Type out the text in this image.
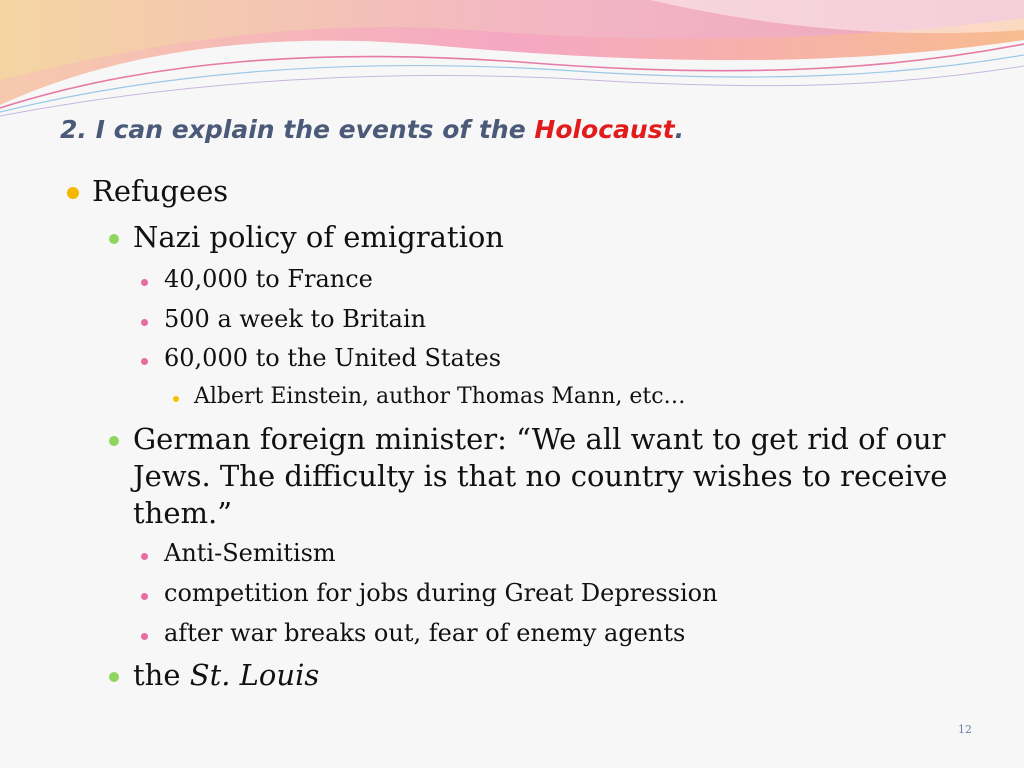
2. I can explain the events of the Holocaust.

Refugees

Nazi policy of emigration

40,000 to France

500 a week to Britain

60,000 to the United States

Albert Einstein, author Thomas Mann, etc…

German foreign minister: “We all want to get rid of our Jews. The difficulty is that no country wishes to receive them.”

Anti-Semitism

competition for jobs during Great Depression

after war breaks out, fear of enemy agents

the St. Louis

12
